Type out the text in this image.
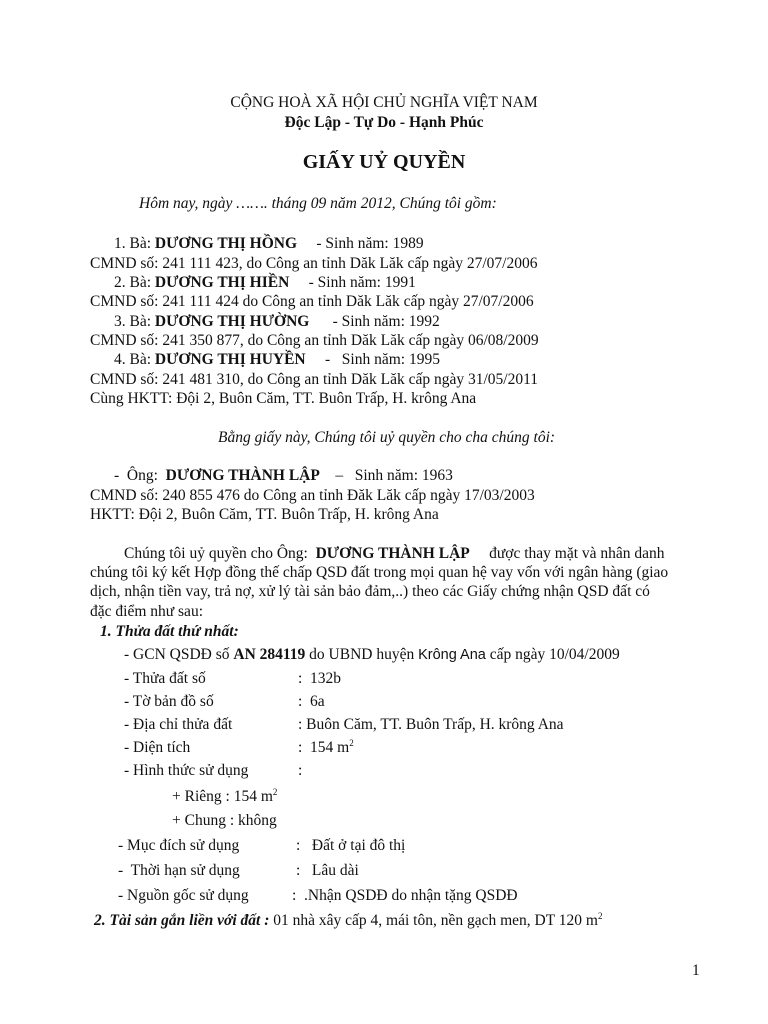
CỘNG HOÀ XÃ HỘI CHỦ NGHĨA VIỆT NAM
Độc Lập - Tự Do - Hạnh Phúc
GIẤY UỶ QUYỀN
Hôm nay, ngày ……. tháng 09 năm 2012, Chúng tôi gồm:
1. Bà: DƯƠNG THỊ HỒNG     - Sinh năm: 1989
CMND số: 241 111 423, do Công an tỉnh Dăk Lăk cấp ngày 27/07/2006
2. Bà: DƯƠNG THỊ HIỀN     - Sinh năm: 1991
CMND số: 241 111 424 do Công an tỉnh Dăk Lăk cấp ngày 27/07/2006
3. Bà: DƯƠNG THỊ HƯỜNG      - Sinh năm: 1992
CMND số: 241 350 877, do Công an tỉnh Dăk Lăk cấp ngày 06/08/2009
4. Bà: DƯƠNG THỊ HUYỀN     -   Sinh năm: 1995
CMND số: 241 481 310, do Công an tỉnh Dăk Lăk cấp ngày 31/05/2011
Cùng HKTT: Đội 2, Buôn Căm, TT. Buôn Trấp, H. krông Ana
Bằng giấy này, Chúng tôi uỷ quyền cho cha chúng tôi:
-  Ông:  DƯƠNG THÀNH LẬP    –   Sinh năm: 1963
CMND số: 240 855 476 do Công an tỉnh Đăk Lăk cấp ngày 17/03/2003
HKTT: Đội 2, Buôn Căm, TT. Buôn Trấp, H. krông Ana
Chúng tôi uỷ quyền cho Ông:  DƯƠNG THÀNH LẬP     được thay mặt và nhân danh
chúng tôi ký kết Hợp đồng thế chấp QSD đất trong mọi quan hệ vay vốn với ngân hàng (giao
dịch, nhận tiền vay, trả nợ, xử lý tài sản bảo đảm,..) theo các Giấy chứng nhận QSD đất có
đặc điểm như sau:
1. Thửa đất thứ nhất:
- GCN QSDĐ số AN 284119 do UBND huyện Krông Ana cấp ngày 10/04/2009
- Thửa đất số	:  132b
- Tờ bản đồ số	:  6a
- Địa chỉ thửa đất	: Buôn Căm, TT. Buôn Trấp, H. krông Ana
- Diện tích	:  154 $m^2$
- Hình thức sử dụng	:
+ Riêng : 154 $m^2$
+ Chung : không
- Mục đích sử dụng	:   Đất ở tại đô thị
-  Thời hạn sử dụng	:   Lâu dài
- Nguồn gốc sử dụng	:  .Nhận QSDĐ do nhận tặng QSDĐ
2. Tài sản gắn liền với đất : 01 nhà xây cấp 4, mái tôn, nền gạch men, DT 120 $m^2$
1
